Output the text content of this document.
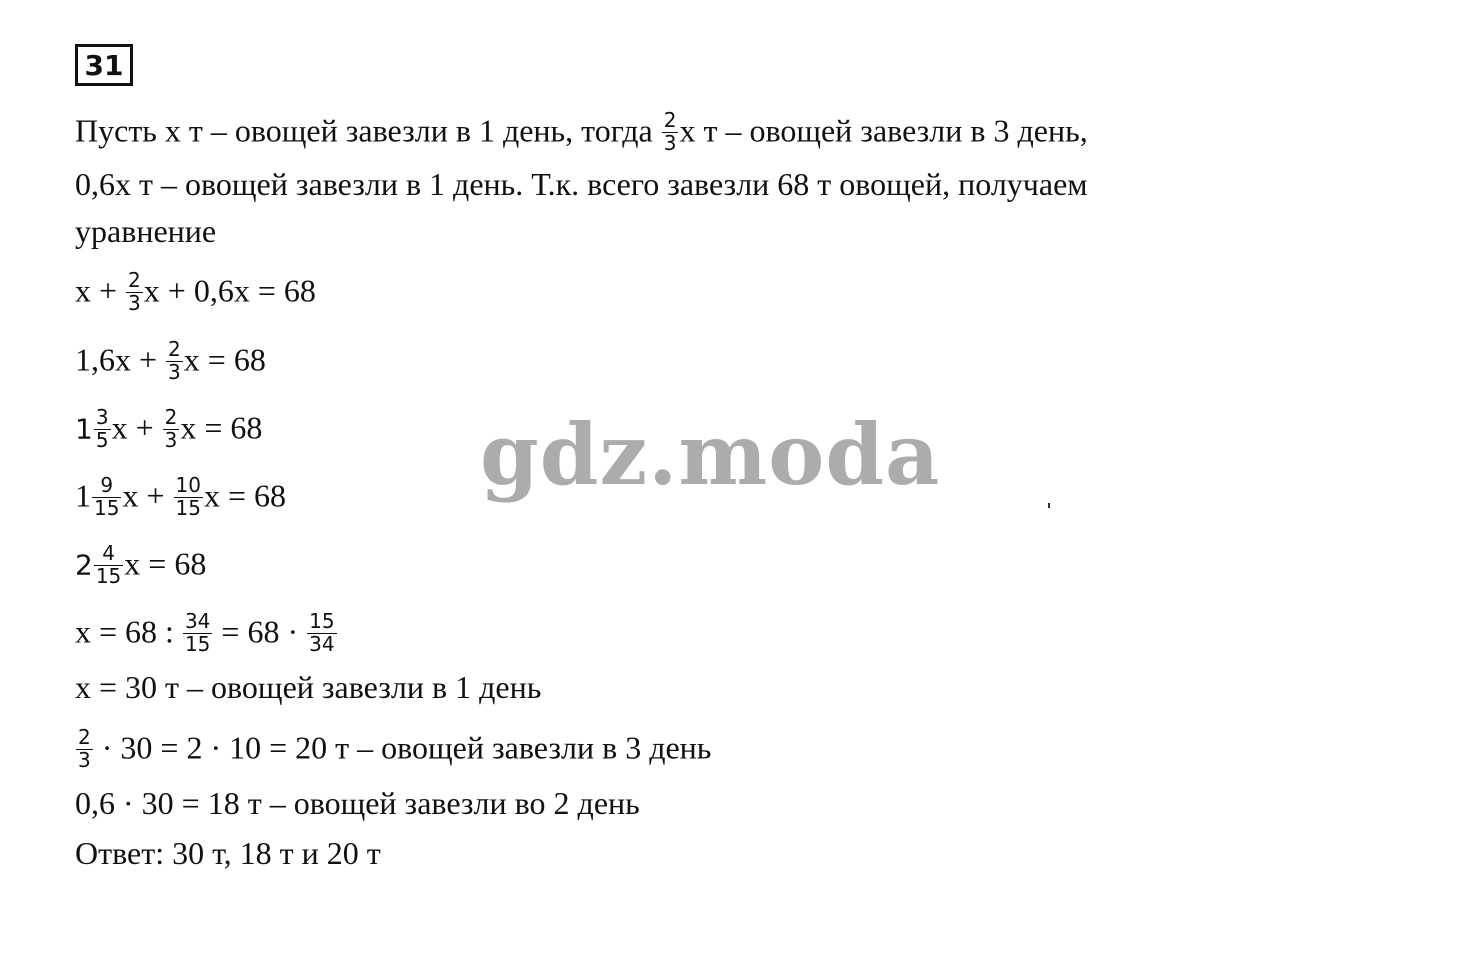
31
Пусть х т – овощей завезли в 1 день, тогда $\frac{2}{3}$ х т – овощей завезли в 3 день,
0,6х т – овощей завезли в 1 день. Т.к. всего завезли 68 т овощей, получаем
уравнение
$х + \frac{2}{3}$ х + 0,6х = 68
$1,6х + \frac{2}{3}$ х = 68
$1 \frac{3}{5}$ $х + \frac{2}{3}$ х = 68
$1 \frac{9}{15}$ $х + \frac{10}{15}$ х = 68
$2 \frac{4}{15}$ х = 68
х = 68 : $\frac{34}{15} = 68 \cdot \frac{15}{34}$
х = 30 т – овощей завезли в 1 день
$\frac{2}{3} \cdot 30 = 2 \cdot 10 = 20$ т – овощей завезли в 3 день
0,6 · 30 = 18 т – овощей завезли во 2 день
Ответ: 30 т, 18 т и 20 т
gdz.moda
